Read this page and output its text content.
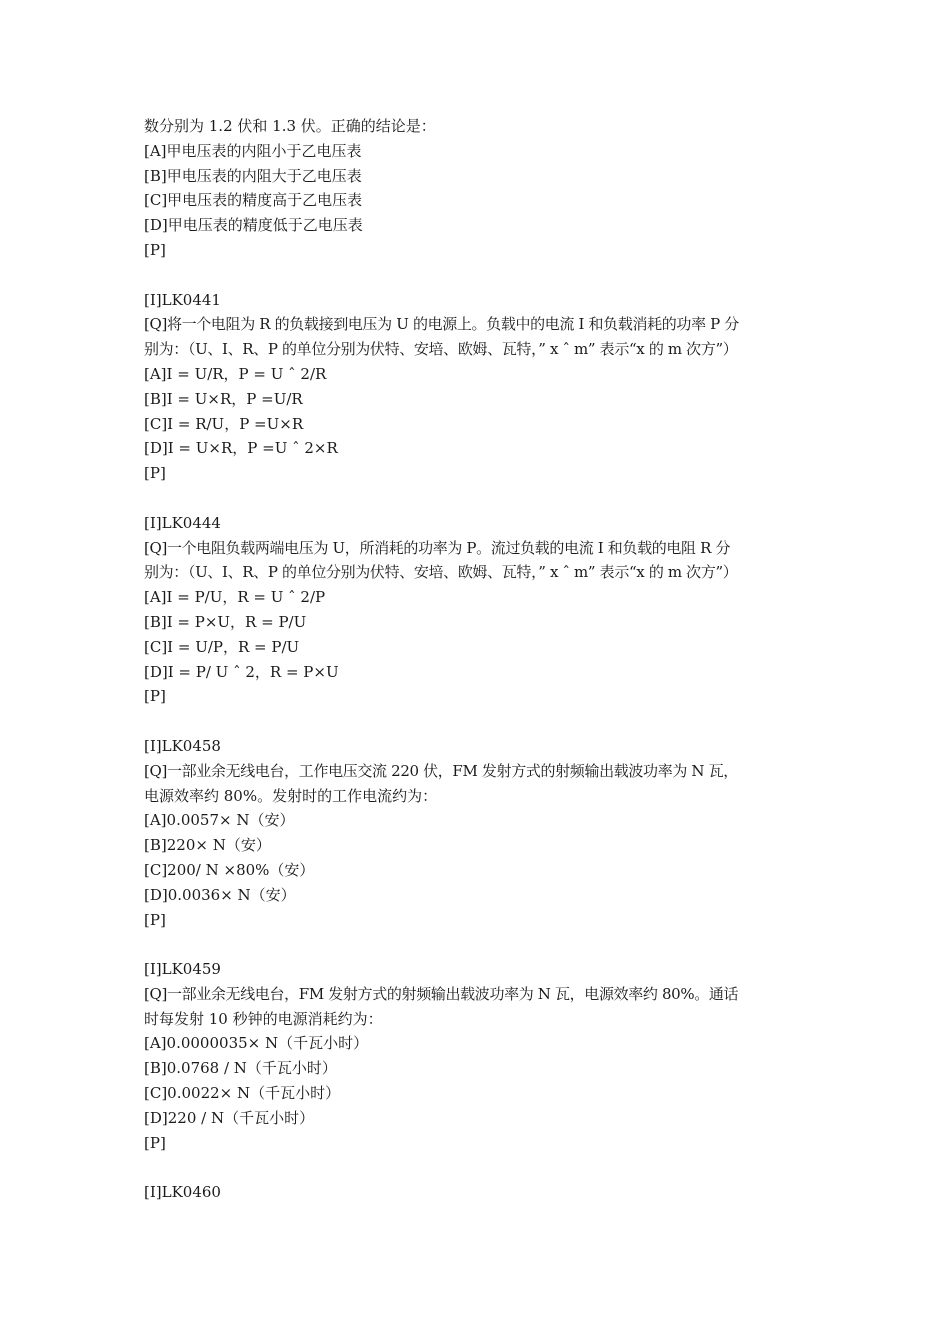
数分别为 1.2 伏和 1.3 伏。正确的结论是：
[A]甲电压表的内阻小于乙电压表
[B]甲电压表的内阻大于乙电压表
[C]甲电压表的精度高于乙电压表
[D]甲电压表的精度低于乙电压表
[P]
[I]LK0441
[Q]将一个电阻为 R 的负载接到电压为 U 的电源上。负载中的电流 I 和负载消耗的功率 P 分
别为：（U、I、R、P 的单位分别为伏特、安培、欧姆、瓦特，” x ˆ m” 表示“x 的 m 次方”）
[A]I = U/R，P = U ˆ 2/R
[B]I = U×R，P =U/R
[C]I = R/U，P =U×R
[D]I = U×R，P =U ˆ 2×R
[P]
[I]LK0444
[Q]一个电阻负载两端电压为 U，所消耗的功率为 P。流过负载的电流 I 和负载的电阻 R 分
别为：（U、I、R、P 的单位分别为伏特、安培、欧姆、瓦特，” x ˆ m” 表示“x 的 m 次方”）
[A]I = P/U，R = U ˆ 2/P
[B]I = P×U，R = P/U
[C]I = U/P，R = P/U
[D]I = P/ U ˆ 2，R = P×U
[P]
[I]LK0458
[Q]一部业余无线电台，工作电压交流 220 伏，FM 发射方式的射频输出载波功率为 N 瓦，
电源效率约 80%。发射时的工作电流约为：
[A]0.0057× N（安）
[B]220× N（安）
[C]200/ N ×80%（安）
[D]0.0036× N（安）
[P]
[I]LK0459
[Q]一部业余无线电台，FM 发射方式的射频输出载波功率为 N 瓦，电源效率约 80%。通话
时每发射 10 秒钟的电源消耗约为：
[A]0.0000035× N（千瓦小时）
[B]0.0768 / N（千瓦小时）
[C]0.0022× N（千瓦小时）
[D]220 / N（千瓦小时）
[P]
[I]LK0460
